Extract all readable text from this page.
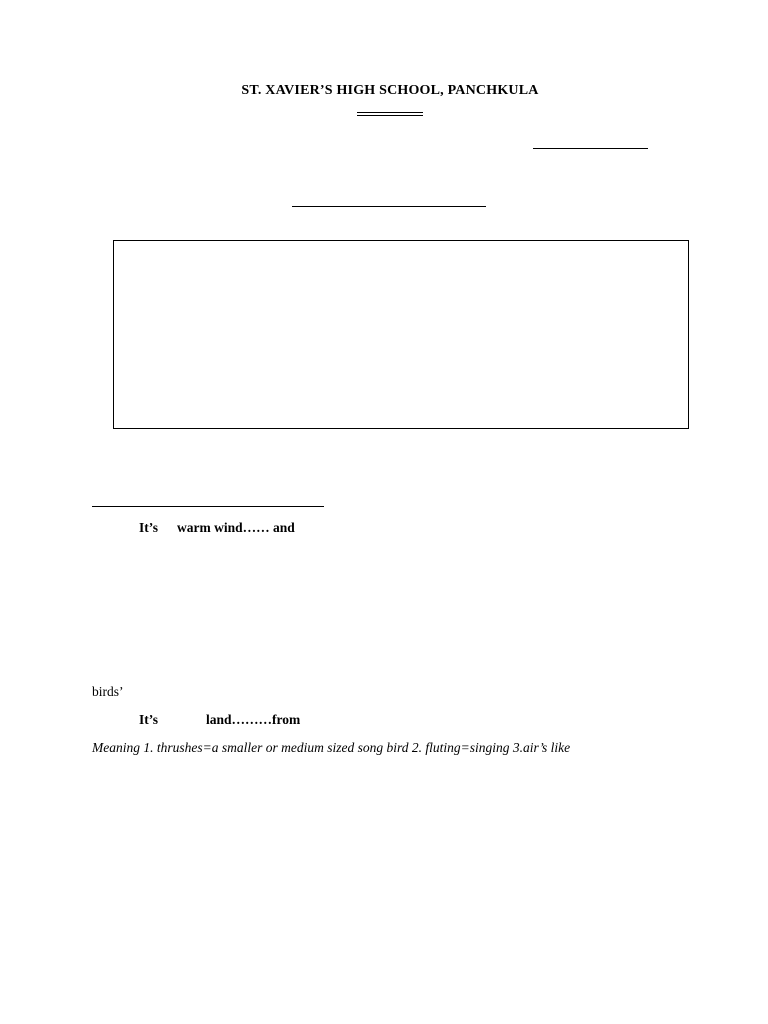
ST. XAVIER’S HIGH SCHOOL, PANCHKULA
It’s warm wind…… and
birds’
It’s	land………from
Meaning 1. thrushes=a smaller or medium sized song bird 2. fluting=singing 3.air’s like
